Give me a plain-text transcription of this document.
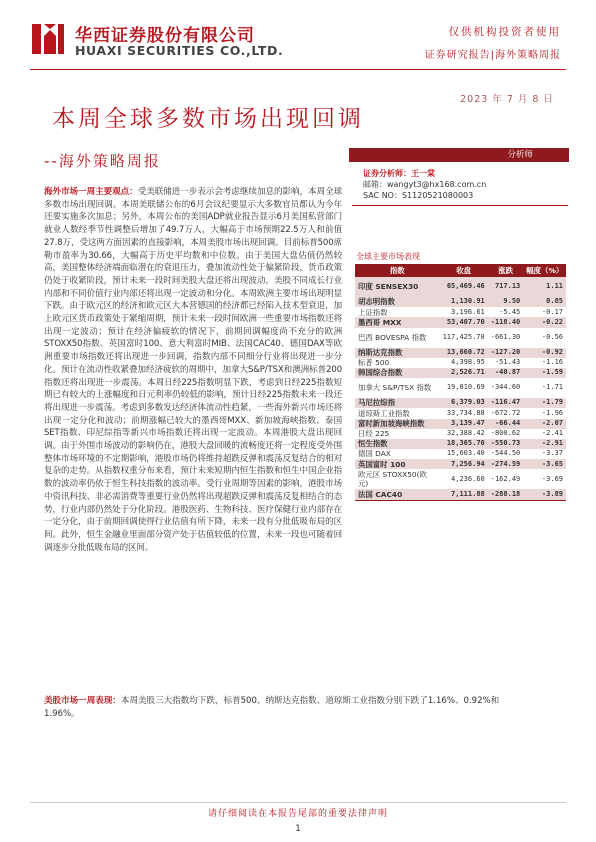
华西证券股份有限公司
HUAXI SECURITIES CO.,LTD.
仅供机构投资者使用
证券研究报告|海外策略周报
2023 年 7 月 8 日
本周全球多数市场出现回调
--海外策略周报	分析师
证券分析师：王一棠
邮箱：wangyt3@hx168.com.cn
SAC NO：S1120521080003
全球主要市场表现
指数	收盘	涨跌	幅度（%）
印度 SENSEX30	65,469.46	717.13	1.11
胡志明指数	1,130.91	9.50	0.85
上证指数	3,196.61	-5.45	-0.17
墨西哥 MXX	53,407.70	-118.40	-0.22
巴西 BOVESPA 指数	117,425.70	-661.30	-0.56
纳斯达克指数	13,660.72	-127.20	-0.92
标普 500	4,398.95	-51.43	-1.16
韩国综合指数	2,526.71	-40.87	-1.59
加拿大 S&P/TSX 指数	19,810.69	-344.60	-1.71
马尼拉综指	6,379.03	-116.47	-1.79
道琼斯工业指数	33,734.88	-672.72	-1.96
富时新加坡海峡指数	3,139.47	-66.44	-2.07
日经 225	32,388.42	-800.62	-2.41
恒生指数	18,365.70	-550.73	-2.91
德国 DAX	15,603.40	-544.50	-3.37
英国富时 100	7,256.94	-274.59	-3.65
欧元区 STOXX50(欧元)	4,236.60	-162.49	-3.69
法国 CAC40	7,111.88	-288.18	-3.89

海外市场一周主要观点：受美联储进一步表示会考虑继续加息的影响，本周全球多数市场出现回调。本周美联储公布的6月会议纪要显示大多数官员都认为今年还要实施多次加息；另外，本周公布的美国ADP就业报告显示6月美国私营部门就业人数经季节性调整后增加了49.7万人，大幅高于市场预期22.5万人和前值27.8万，受这两方面因素的直接影响，本周美股市场出现回调。目前标普500席勒市盈率为30.66，大幅高于历史平均数和中位数。由于美国大盘估值仍然较高，美国整体经济端面临潜在的衰退压力，叠加流动性处于偏紧阶段，货币政策仍处于收紧阶段，预计未来一段时间美股大盘还将出现波动，美股不同成长行业内部和不同价值行业内部还将出现一定波动和分化。本周欧洲主要市场出现明显下跌。由于欧元区的经济和欧元区大本营德国的经济都已经陷入技术型衰退，加上欧元区货币政策处于紧缩周期，预计未来一段时间欧洲一些重要市场指数还将出现一定波动；预计在经济偏疲软的情况下，前期回调幅度尚不充分的欧洲STOXX50指数、英国富时100、意大利富时MIB、法国CAC40、德国DAX等欧洲重要市场指数还将出现进一步回调，指数内部不同细分行业将出现进一步分化。预计在流动性收紧叠加经济疲软的周期中，加拿大S&P/TSX和澳洲标普200指数还将出现进一步震荡。本周日经225指数明显下跌，考虑到日经225指数短期已有较大的上涨幅度和日元利率仍较低的影响，预计日经225指数未来一段还将出现进一步震荡。考虑到多数发达经济体流动性趋紧，一些海外新兴市场还将出现一定分化和波动；前期涨幅已较大的墨西哥MXX、新加坡海峡指数、泰国SET指数、印尼综指等新兴市场指数还将出现一定波动。本周港股大盘出现回调。由于外围市场波动的影响仍在，港股大盘回暖的流畅度还将一定程度受外围整体市场环境的不定期影响，港股市场仍将维持超跌反弹和震荡反复结合的相对复杂的走势。从指数权重分布来看，预计未来短期内恒生指数和恒生中国企业指数的波动率仍依于恒生科技指数的波动率。受行业周期等因素的影响，港股市场中资讯科技、非必需消费等重要行业仍然将出现超跌反弹和震荡反复相结合的态势，行业内部仍然处于分化阶段。港股医药、生物科技、医疗保健行业内部存在一定分化，由于前期回调使得行业估值有所下降，未来一段有分批低吸布局的区间。此外，恒生金融业里面部分资产处于估值较低的位置，未来一段也可随着回调逐步分批低吸布局的区间。

美股市场一周表现：本周美股三大指数均下跌，标普500、纳斯达克指数、道琼斯工业指数分别下跌了1.16%、0.92%和1.96%。
请仔细阅读在本报告尾部的重要法律声明
1
